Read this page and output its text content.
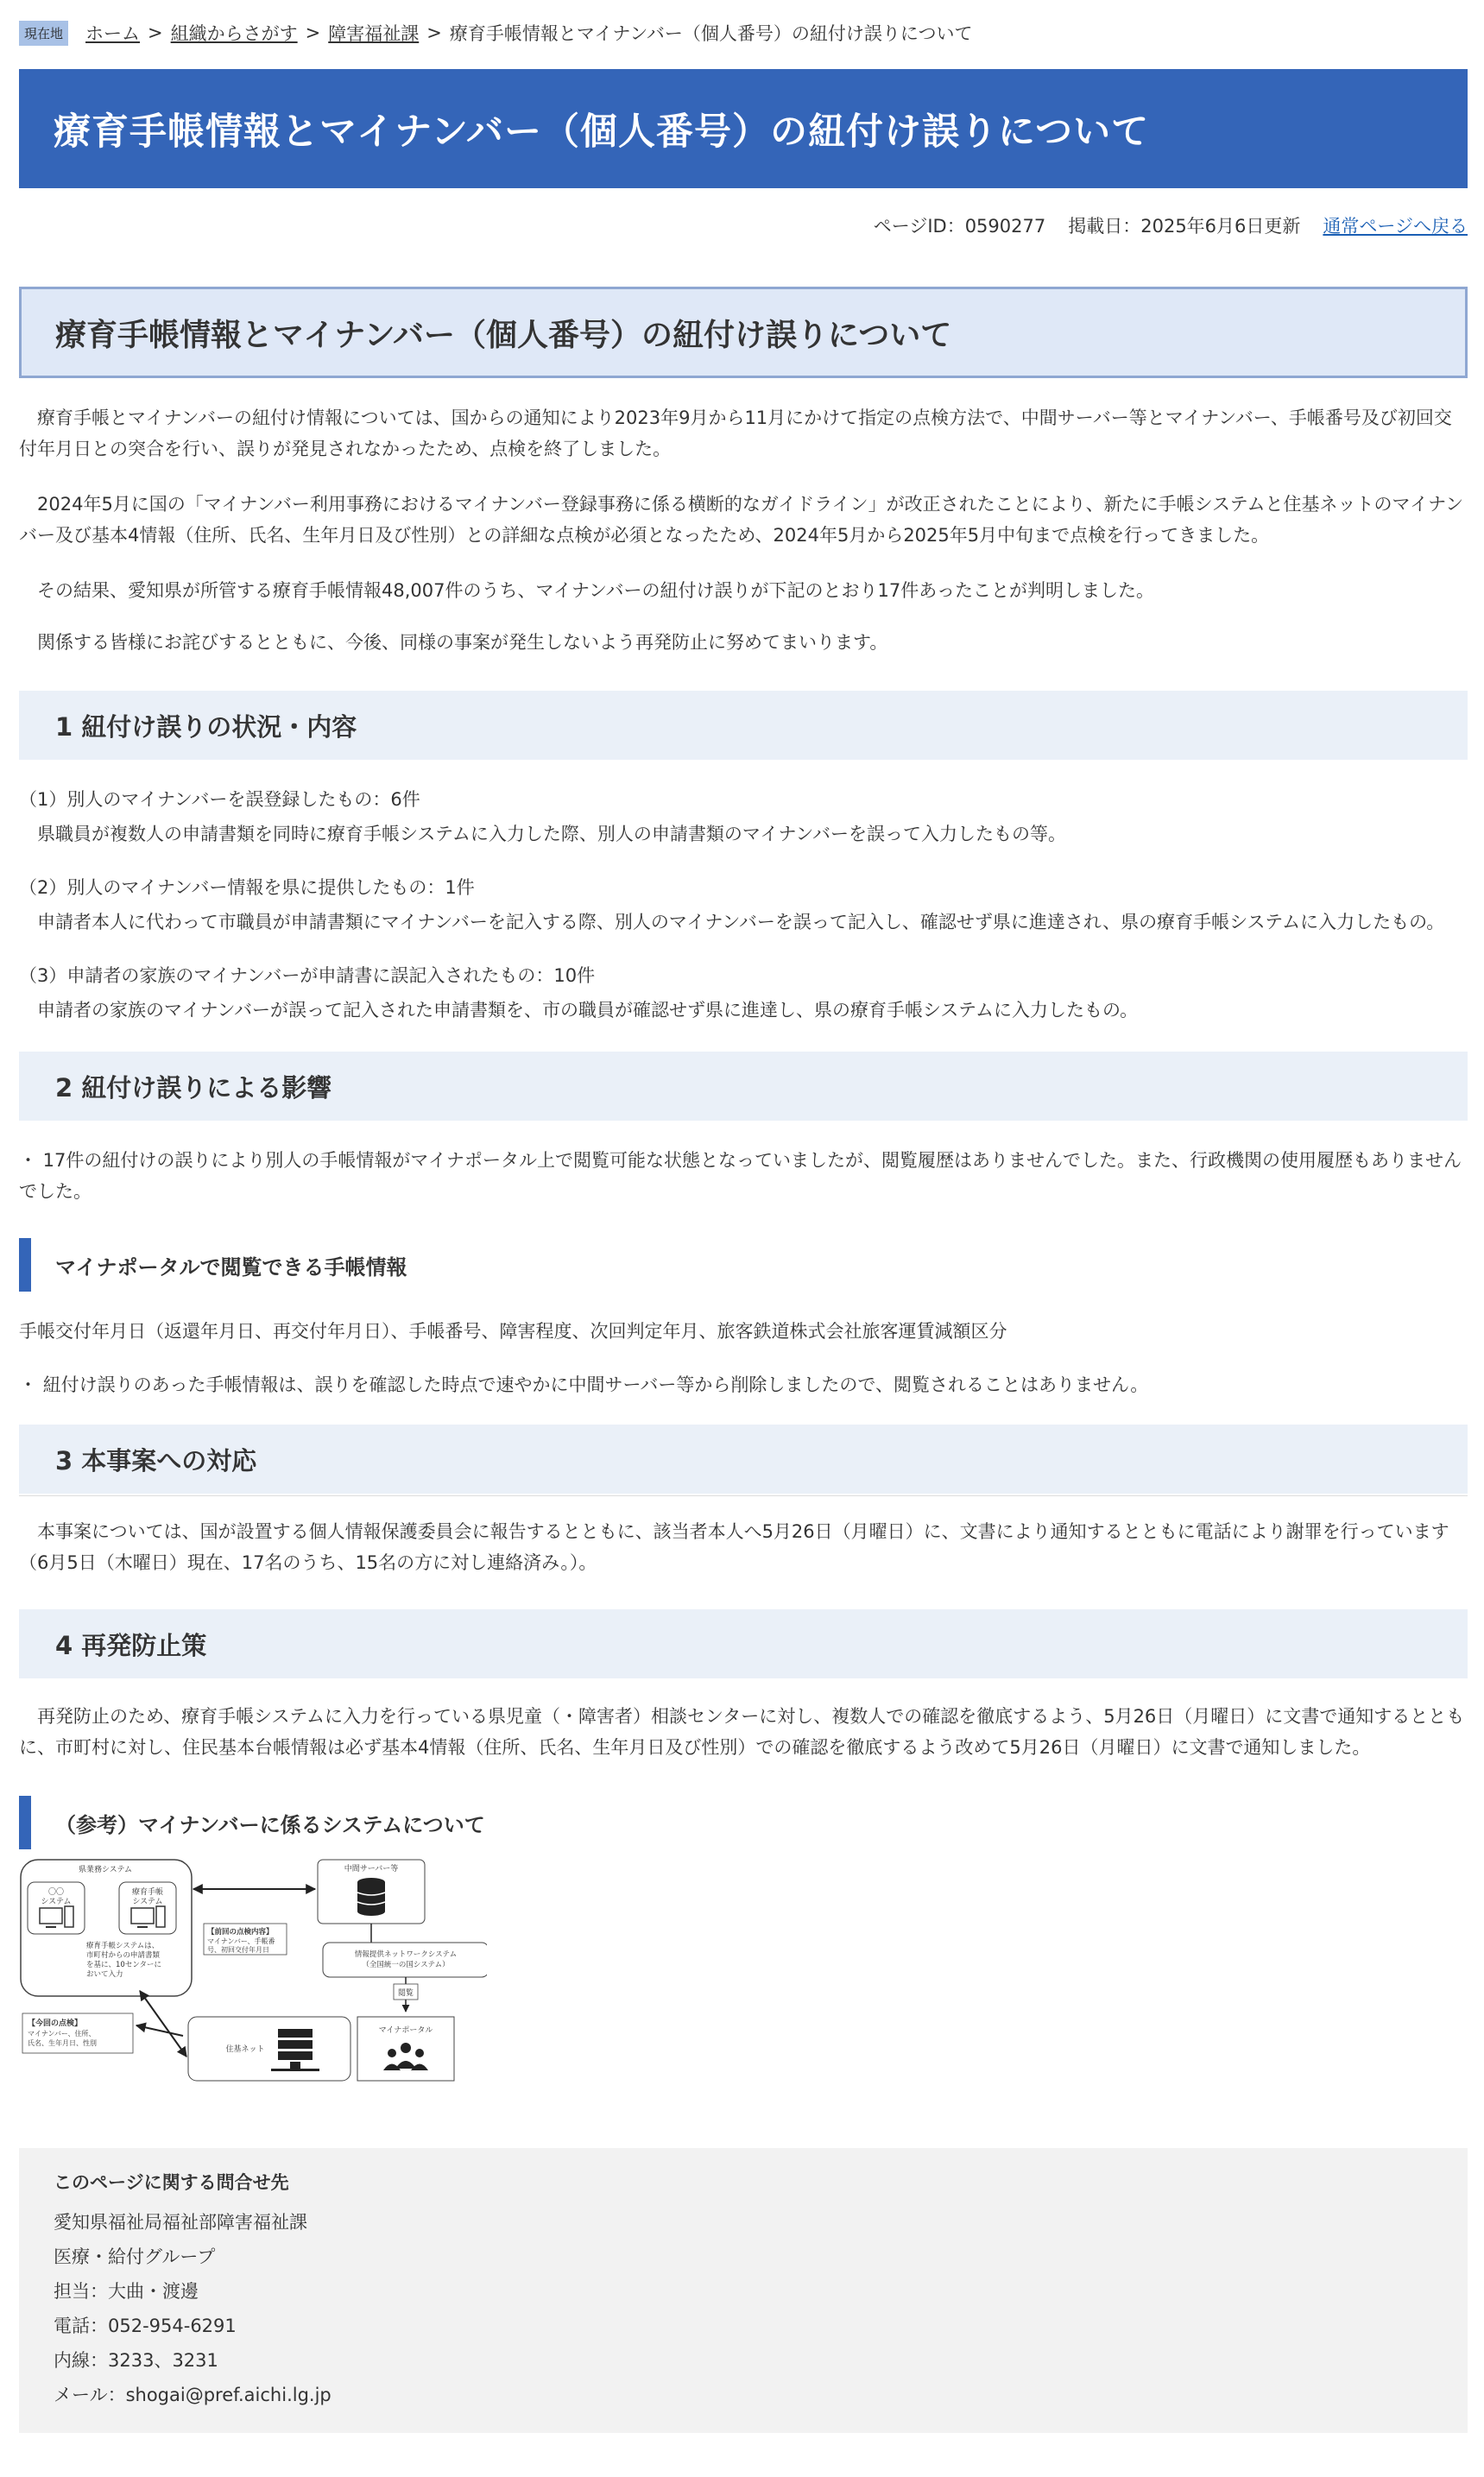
現在地 ホーム > 組織からさがす > 障害福祉課 > 療育手帳情報とマイナンバー（個人番号）の紐付け誤りについて
療育手帳情報とマイナンバー（個人番号）の紐付け誤りについて
ページID：0590277 掲載日：2025年6月6日更新 通常ページへ戻る
療育手帳情報とマイナンバー（個人番号）の紐付け誤りについて

　療育手帳とマイナンバーの紐付け情報については、国からの通知により2023年9月から11月にかけて指定の点検方法で、中間サーバー等とマイナンバー、手帳番号及び初回交付年月日との突合を行い、誤りが発見されなかったため、点検を終了しました。

　2024年5月に国の「マイナンバー利用事務におけるマイナンバー登録事務に係る横断的なガイドライン」が改正されたことにより、新たに手帳システムと住基ネットのマイナンバー及び基本4情報（住所、氏名、生年月日及び性別）との詳細な点検が必須となったため、2024年5月から2025年5月中旬まで点検を行ってきました。

　その結果、愛知県が所管する療育手帳情報48,007件のうち、マイナンバーの紐付け誤りが下記のとおり17件あったことが判明しました。

　関係する皆様にお詫びするとともに、今後、同様の事案が発生しないよう再発防止に努めてまいります。

1 紐付け誤りの状況・内容

（1）別人のマイナンバーを誤登録したもの：6件

　県職員が複数人の申請書類を同時に療育手帳システムに入力した際、別人の申請書類のマイナンバーを誤って入力したもの等。

（2）別人のマイナンバー情報を県に提供したもの：1件

　申請者本人に代わって市職員が申請書類にマイナンバーを記入する際、別人のマイナンバーを誤って記入し、確認せず県に進達され、県の療育手帳システムに入力したもの。

（3）申請者の家族のマイナンバーが申請書に誤記入されたもの：10件

　申請者の家族のマイナンバーが誤って記入された申請書類を、市の職員が確認せず県に進達し、県の療育手帳システムに入力したもの。

2 紐付け誤りによる影響

・ 17件の紐付けの誤りにより別人の手帳情報がマイナポータル上で閲覧可能な状態となっていましたが、閲覧履歴はありませんでした。また、行政機関の使用履歴もありませんでした。

マイナポータルで閲覧できる手帳情報

手帳交付年月日（返還年月日、再交付年月日）、手帳番号、障害程度、次回判定年月、旅客鉄道株式会社旅客運賃減額区分

・ 紐付け誤りのあった手帳情報は、誤りを確認した時点で速やかに中間サーバー等から削除しましたので、閲覧されることはありません。

3 本事案への対応

　本事案については、国が設置する個人情報保護委員会に報告するとともに、該当者本人へ5月26日（月曜日）に、文書により通知するとともに電話により謝罪を行っています（6月5日（木曜日）現在、17名のうち、15名の方に対し連絡済み。）。

4 再発防止策

　再発防止のため、療育手帳システムに入力を行っている県児童（・障害者）相談センターに対し、複数人での確認を徹底するよう、5月26日（月曜日）に文書で通知するとともに、市町村に対し、住民基本台帳情報は必ず基本4情報（住所、氏名、生年月日及び性別）での確認を徹底するよう改めて5月26日（月曜日）に文書で通知しました。

（参考）マイナンバーに係るシステムについて
県業務システム
〇〇
システム
療育手帳
システム
療育手帳システムは、
市町村からの申請書類
を基に、10センターに
おいて入力
中間サーバー等
【前回の点検内容】
マイナンバー、手帳番
号、初回交付年月日
情報提供ネットワークシステム
（全国統一の国システム）
閲覧
マイナポータル
住基ネット
【今回の点検】
マイナンバー、住所、
氏名、生年月日、性別
このページに関する問合せ先
愛知県福祉局福祉部障害福祉課
医療・給付グループ
担当：大曲・渡邊
電話：052-954-6291
内線：3233、3231
メール：shogai@pref.aichi.lg.jp
